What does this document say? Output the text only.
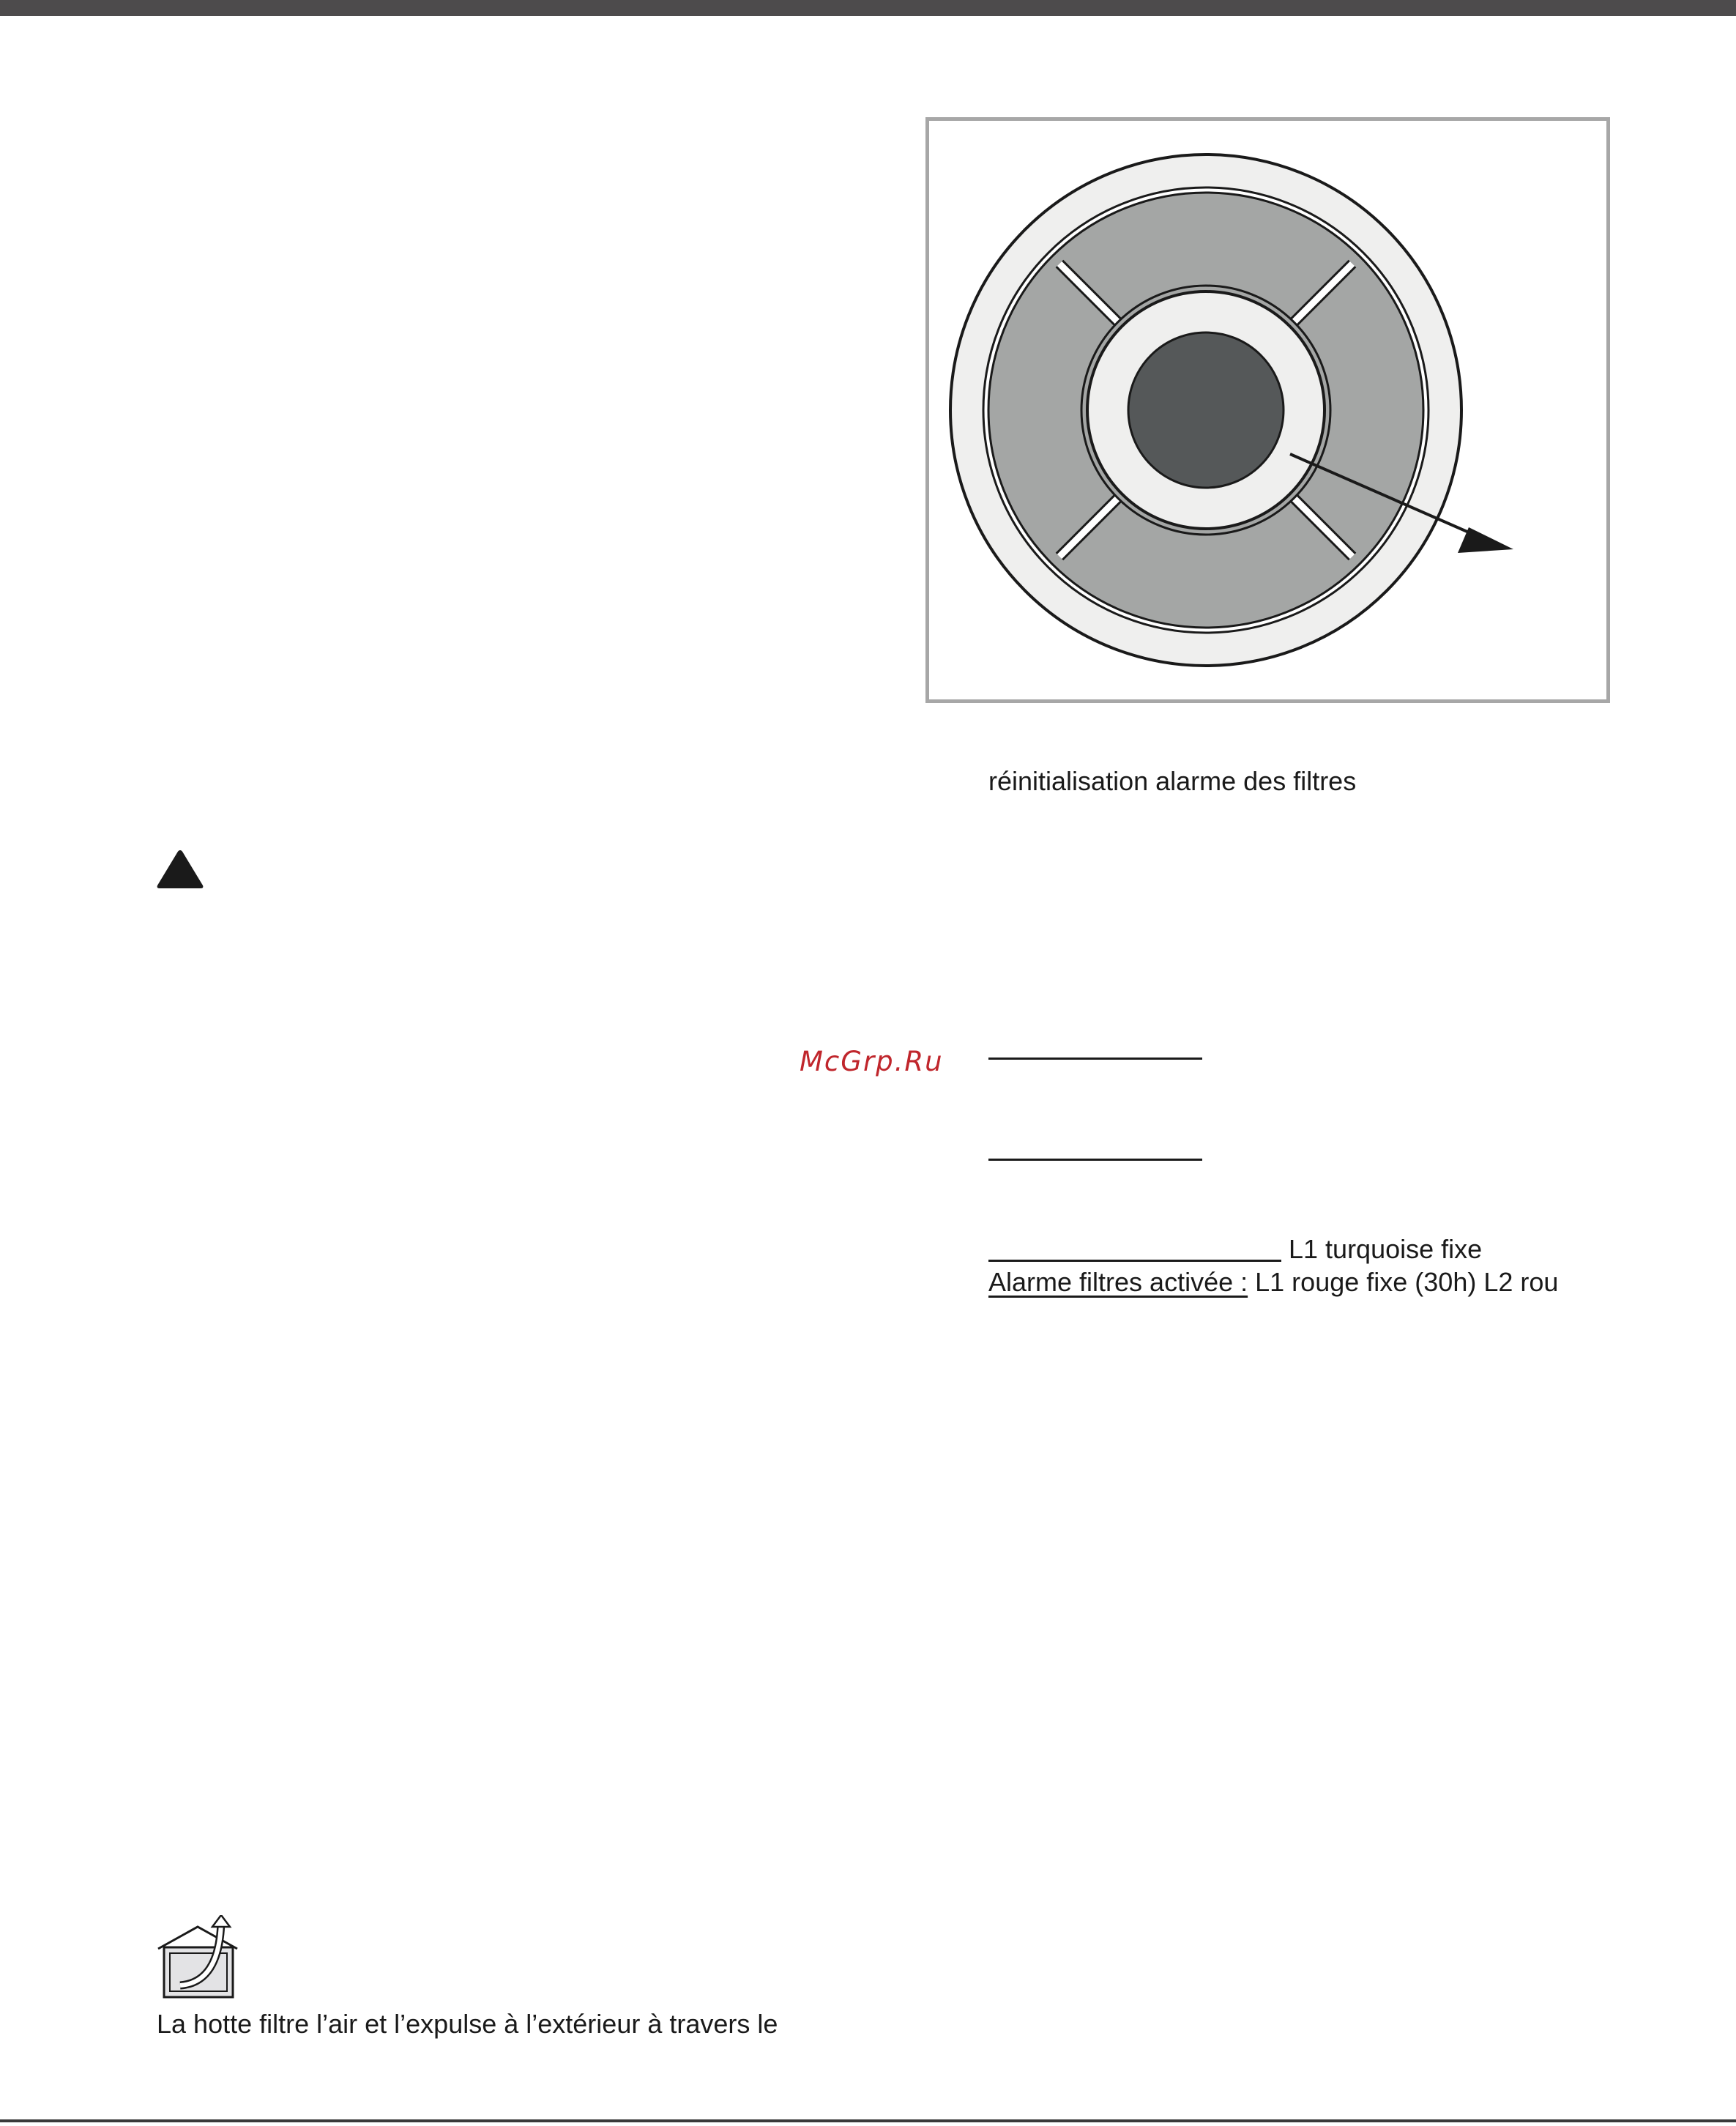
réinitialisation alarme des filtres
McGrp.Ru
L1 turquoise fixe
Alarme filtres activée : L1 rouge fixe (30h) L2 rou
La hotte filtre l’air et l’expulse à l’extérieur à travers le
